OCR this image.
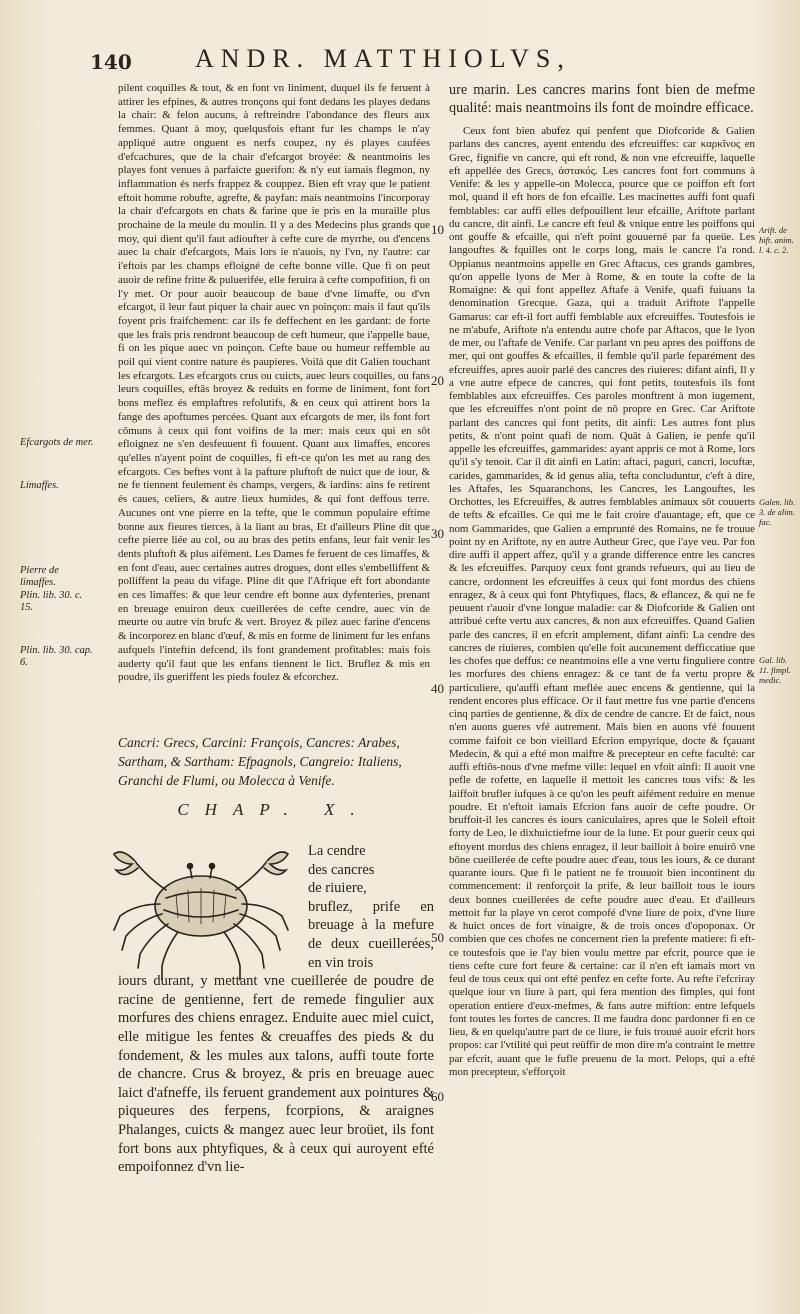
140 ANDR. MATTHIOLVS,

pilent coquilles & tout, & en font vn liniment, duquel ils fe feruent à attirer les efpines, & autres tronçons qui font dedans les playes dedans la chair: & felon aucuns, à reftreindre l'abondance des fleurs aux femmes. Quant à moy, quelqusfois eftant fur les champs le n'ay appliqué autre onguent es nerfs coupez, ny és playes caufées d'efcachures, que de la chair d'efcargot broyée: & neantmoins les playes font venues à parfaicte guerifon: & n'y eut iamais flegmon, ny inflammation és nerfs frappez & couppez. Bien eft vray que le patient eftoit homme robufte, agrefte, & payfan: mais neantmoins l'incorporay la chair d'efcargots en chats & farine que ie pris en la muraille plus prochaine de la meule du moulin. Il y a des Medecins plus grands que moy, qui dient qu'il faut adioufter à cefte cure de myrrhe, ou d'encens auec la chair d'efcargots, Mais lors ie n'auois, ny l'vn, ny l'autre: car i'eftois par les champs efloigné de cefte bonne ville. Que fi on peut auoir de refine fritte & puluerifée, elle feruira à cefte compofition, fi on l'y met. Or pour auoir beaucoup de baue d'vne limaffe, ou d'vn efcargot, il leur faut piquer la chair auec vn poinçon: mais il faut qu'ils foyent pris fraifchement: car ils fe deffechent en les gardant: de forte que les frais pris rendront beaucoup de ceft humeur, que i'appelle baue, fi on les pique auec vn poinçon. Cefte baue ou humeur reffemble au poil qui vient contre nature és paupieres. Voilà que dit Galien touchant les efcargots. Les efcargots crus ou cuicts, auec leurs coquilles, ou fans leurs coquilles, eftās broyez & reduits en forme de liniment, font fort bons meflez és emplaftres refolutifs, & en ceux qui attirent hors la fange des apoftumes percées. Quant aux efcargots de mer, ils font fort cōmuns à ceux qui font voifins de la mer: mais ceux qui en sōt efloignez ne s'en desfeuuent fi fouuent. Quant aux limaffes, encores qu'elles n'ayent point de coquilles, fi eft-ce qu'on les met au rang des efcargots. Ces beftes vont à la pafture pluftoft de nuict que de iour, & ne fe tiennent feulement és champs, vergers, & iardins: ains fe retirent és caues, celiers, & autre lieux humides, & qui font deffous terre. Aucunes ont vne pierre en la tefte, que le commun populaire eftime bonne aux fieures tierces, à la liant au bras, Et d'ailleurs Pline dit que cefte pierre liée au col, ou au bras des petits enfans, leur fait venir les dents pluftoft & plus aifément. Les Dames fe feruent de ces limaffes, & en font d'eau, auec certaines autres drogues, dont elles s'embelliffent & polliffent la peau du vifage. Pline dit que l'Afrique eft fort abondante en ces limaffes: & que leur cendre eft bonne aux dyfenteries, prenant en breuage enuiron deux cueillerées de cefte cendre, auec vin de meurte ou autre vin brufc & vert. Broyez & pilez auec farine d'encens & incorporez en blanc d'œuf, & mis en forme de liniment fur les enfans aufquels l'inteftin defcend, ils font grandement profitables: mais fois auderty qu'il faut que les enfans tiennent le lict. Bruflez & mis en poudre, ils gueriffent les pieds foulez & efcorchez.

ure marin. Les cancres marins font bien de mefme qualité: mais neantmoins ils font de moindre efficace.

Ceux font bien abufez qui penfent que Diofcoride & Galien parlans des cancres, ayent entendu des efcreuiffes: car καρκῖνος en Grec, fignifie vn cancre, qui eft rond, & non vne efcreuiffe, laquelle eft appellée des Grecs, ἀστακός. Les cancres font fort communs à Venife: & les y appelle-on Molecca, pource que ce poiffon eft fort mol, quand il eft hors de fon efcaille. Les macinettes auffi font quafi femblables: car auffi elles defpouillent leur efcaille, Ariftote parlant du cancre, dit ainfi. Le cancre eft feul & vnique entre les poiffons qui ont gouffe & efcaille, qui n'eft point gouuerné par fa queüe. Les langouftes & fquilles ont le corps long, mais le cancre l'a rond. Oppianus neantmoins appelle en Grec Aftacus, ces grands gambres, qu'on appelle lyons de Mer à Rome, & en toute la cofte de la Romaigne: & qui font appellez Aftafe à Venife, quafi fuiuans la denomination Grecque. Gaza, qui a traduit Ariftote l'appelle Gamarus: car eft-il fort auffi femblable aux efcreuiffes. Toutesfois ie ne m'abufe, Ariftote n'a entendu autre chofe par Aftacos, que le lyon de mer, ou l'aftafe de Venife. Car parlant vn peu apres des poiffons de mer, qui ont gouffes & efcailles, il femble qu'il parle feparément des efcreuiffes, apres auoir parlé des cancres des riuieres: difant ainfi, Il y a vne autre efpece de cancres, qui font petits, toutesfois ils font femblables aux efcreuiffes. Ces paroles monftrent à mon iugement, que les efcreuiffes n'ont point de nō propre en Grec. Car Ariftote parlant des cancres qui font petits, dit ainfi: Les autres font plus petits, & n'ont point quafi de nom. Quāt à Galien, ie penfe qu'il appelle les efcreuiffes, gammarides: ayant appris ce mot à Rome, lors qu'il s'y tenoit. Car il dit ainfi en Latin: aftaci, paguri, cancri, locuftæ, carides, gammarides, & id genus alia, tefta concluduntur, c'eft à dire, les Aftafes, les Squaranchons, les Cancres, les Langouftes, les Orchottes, les Efcreuiffes, & autres femblables animaux sōt couuerts de tefts & efcailles. Ce qui me le fait croire d'auantage, eft, que ce nom Gammarides, que Galien a emprunté des Romains, ne fe trouue point ny en Ariftote, ny en autre Autheur Grec, que i'aye veu. Par fon dire auffi il appert affez, qu'il y a grande difference entre les cancres & les efcreuiffes. Parquoy ceux font grands refueurs, qui au lieu de cancre, ordonnent les efcreuiffes à ceux qui font mordus des chiens enragez, & à ceux qui font Phtyfiques, flacs, & eflancez, & qui ne fe peuuent r'auoir d'vne longue maladie: car & Diofcoride & Galien ont attribué cefte vertu aux cancres, & non aux efcreuiffes. Quand Galien parle des cancres, il en efcrit amplement, difant ainfi: La cendre des cancres de riuieres, combien qu'elle foit aucunement defficcatiue que les chofes que deffus: ce neantmoins elle a vne vertu finguliere contre les morfures des chiens enragez: & ce tant de fa vertu propre & particuliere, qu'auffi eftant meflée auec encens & gentienne, qui la rendent encores plus efficace. Or il faut mettre fus vne partie d'encens cinq parties de gentienne, & dix de cendre de cancre. Et de faict, nous n'en auons gueres vfé autrement. Mais bien en auons vfé fouuent comme faifoit ce bon vieillard Efcrion empyrique, docte & fçauant Medecin, & qui a efté mon maiftre & precepteur en cefte faculté: car auffi eftiōs-nous d'vne mefme ville: lequel en vfoit ainfi: Il auoit vne pefle de rofette, en laquelle il mettoit les cancres tous vifs: & les laiffoit brufler iufques à ce qu'on les peuft aifément reduire en menue poudre. Et n'eftoit iamais Efcrion fans auoir de cefte poudre. Or bruffoit-il les cancres és iours caniculaires, apres que le Soleil eftoit forty de Leo, le dixhuictiefme iour de la lune. Et pour guerir ceux qui eftoyent mordus des chiens enragez, il leur bailloit à boire enuirō vne bōne cueillerée de cefte poudre auec d'eau, tous les iours, & ce durant quarante iours. Que fi le patient ne fe trouuoit bien incontinent du commencement: il renforçoit la prife, & leur bailloit tous le iours deux bonnes cueillerées de cefte poudre auec d'eau. Et d'ailleurs mettoit fur la playe vn cerot compofé d'vne liure de poix, d'vne liure & huict onces de fort vinaigre, & de trois onces d'opoponax. Or combien que ces chofes ne concernent rien la prefente matiere: fi eft-ce toutesfois que ie l'ay bien voulu mettre par efcrit, pource que ie tiens cefte cure fort feure & certaine: car il n'en eft iamais mort vn feul de tous ceux qui ont efté penfez en cefte forte. Au refte i'efcriray quelque iour vn liure à part, qui fera mention des fimples, qui font operation entiere d'eux-mefmes, & fans autre miftion: entre lefquels font toutes les fortes de cancres. Il me faudra donc pardonner fi en ce lieu, & en quelqu'autre part de ce liure, ie fuis trouué auoir efcrit hors propos: car l'vtilité qui peut reüffir de mon dire m'a contraint le mettre par efcrit, auant que le fufle preuenu de la mort. Pelops, qui a efté mon precepteur, s'efforçoit

Efcargots de mer.
Limaffes.
Pierre de limaffes.
Plin. lib. 30. c. 15.
Plin. lib. 30. cap. 6.
Arift. de hift. anim. l. 4. c. 2.
Galen. lib. 3. de alim. fac.
Gal. lib. 11. fimpl. medic.
10
20
30
40
50
60
Cancri: Grecs, Carcini: François, Cancres: Arabes, Sartham, & Sartham: Efpagnols, Cangreio: Italiens, Granchi de Flumi, ou Molecca à Venife.
CHAP. X.
La cendre
des cancres
de riuiere,
bruflez, prife en breuage à la mefure de deux cueillerées, en vin trois
iours durant, y mettant vne cueillerée de poudre de racine de gentienne, fert de remede fingulier aux morfures des chiens enragez. Enduite auec miel cuict, elle mitigue les fentes & creuaffes des pieds & du fondement, & les mules aux talons, auffi toute forte de chancre. Crus & broyez, & pris en breuage auec laict d'afneffe, ils feruent grandement aux pointures & piqueures des ferpens, fcorpions, & araignes Phalanges, cuicts & mangez auec leur broüet, ils font fort bons aux phtyfiques, & à ceux qui auroyent efté empoifonnez d'vn lie-
